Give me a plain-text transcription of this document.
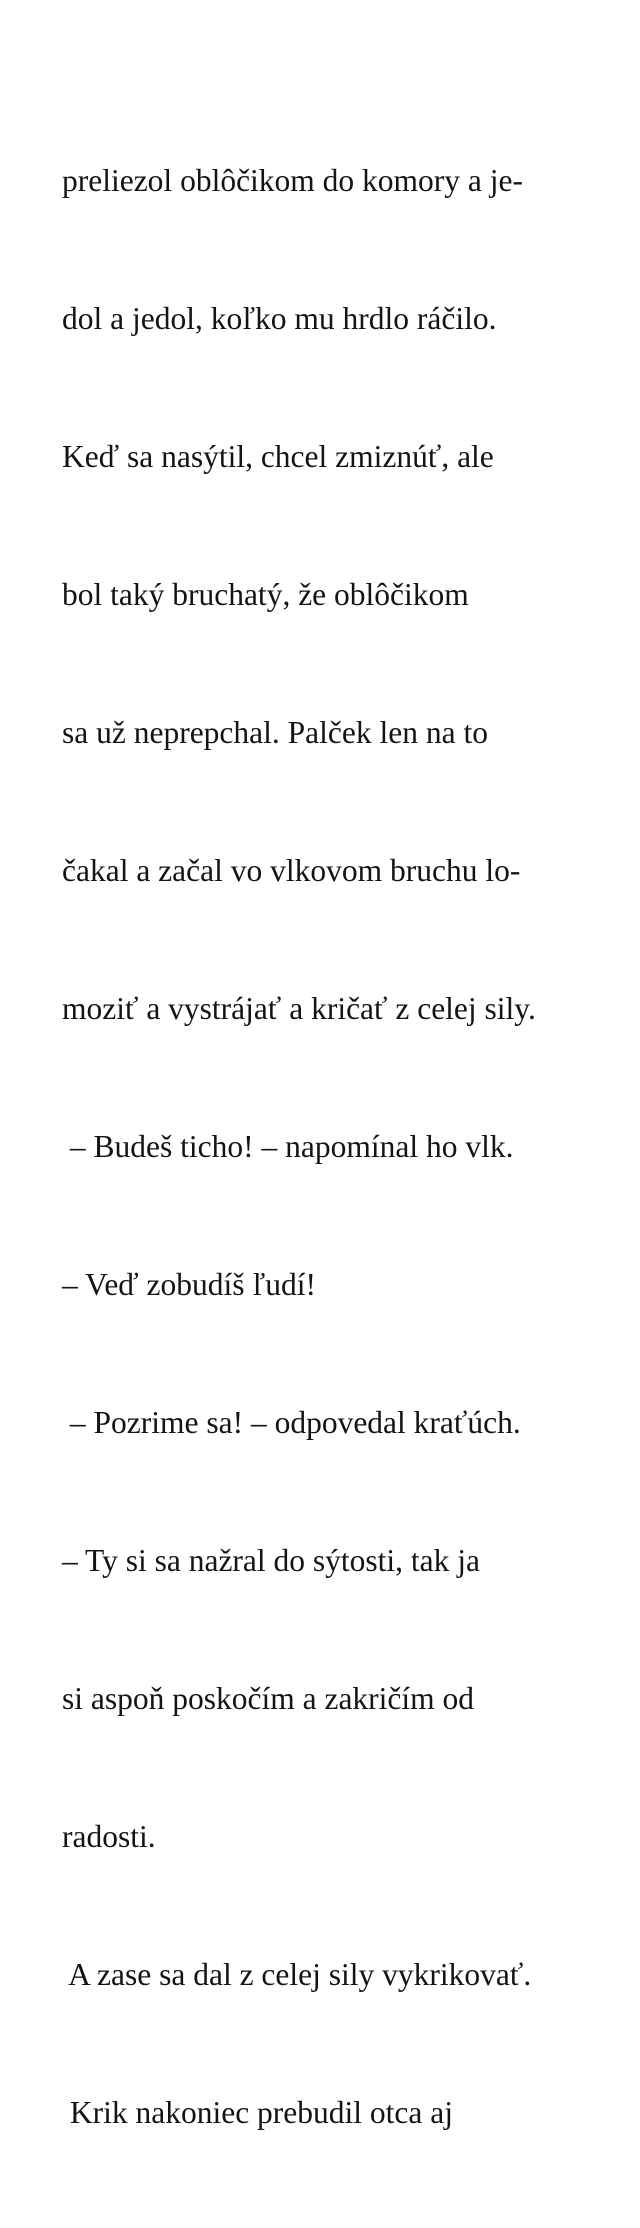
preliezol oblôčikom do komory a je-

dol a jedol, koľko mu hrdlo ráčilo.

Keď sa nasýtil, chcel zmiznúť, ale

bol taký bruchatý, že oblôčikom

sa už neprepchal. Palček len na to

čakal a začal vo vlkovom bruchu lo-

moziť a vystrájať a kričať z celej sily.

– Budeš ticho! – napomínal ho vlk.

– Veď zobudíš ľudí!

– Pozrime sa! – odpovedal kraťúch.

– Ty si sa nažral do sýtosti, tak ja

si aspoň poskočím a zakričím od

radosti.

A zase sa dal z celej sily vykrikovať.

Krik nakoniec prebudil otca aj
